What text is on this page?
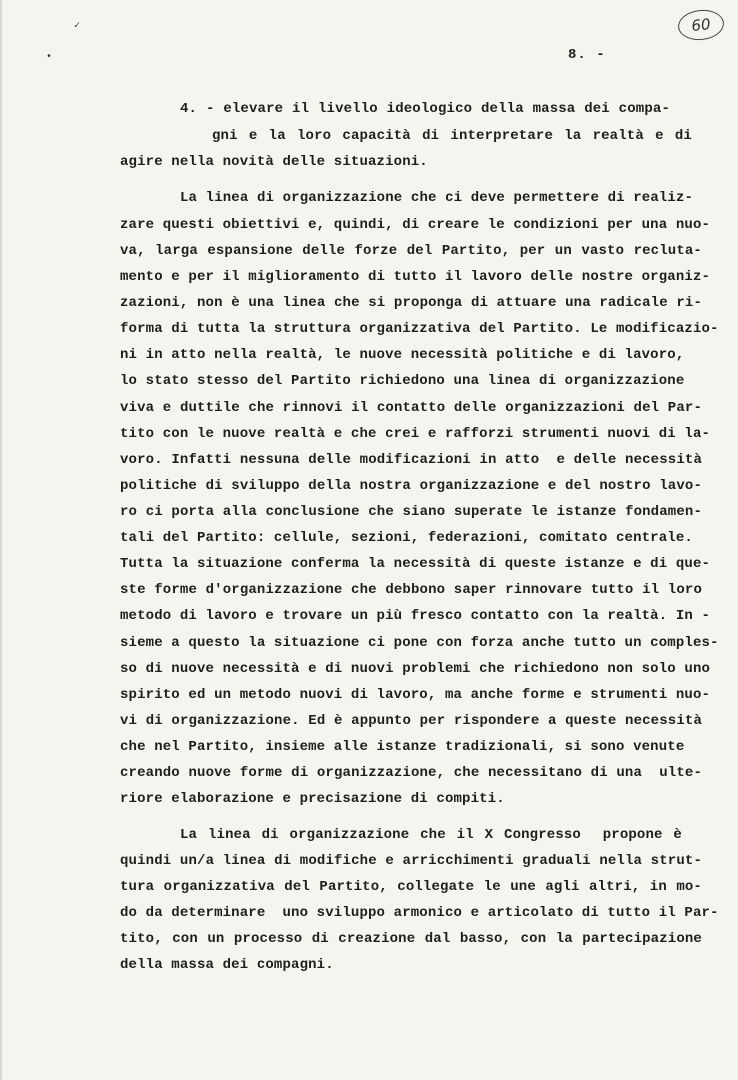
✓
•
60
8. -
4. - elevare il livello ideologico della massa dei compa-
gni e la loro capacità di interpretare la realtà e di
agire nella novità delle situazioni.
La linea di organizzazione che ci deve permettere di realiz-
zare questi obiettivi e, quindi, di creare le condizioni per una nuo-
va, larga espansione delle forze del Partito, per un vasto recluta-
mento e per il miglioramento di tutto il lavoro delle nostre organiz-
zazioni, non è una linea che si proponga di attuare una radicale ri-
forma di tutta la struttura organizzativa del Partito. Le modificazio-
ni in atto nella realtà, le nuove necessità politiche e di lavoro,
lo stato stesso del Partito richiedono una linea di organizzazione
viva e duttile che rinnovi il contatto delle organizzazioni del Par-
tito con le nuove realtà e che crei e rafforzi strumenti nuovi di la-
voro. Infatti nessuna delle modificazioni in atto  e delle necessità
politiche di sviluppo della nostra organizzazione e del nostro lavo-
ro ci porta alla conclusione che siano superate le istanze fondamen-
tali del Partito: cellule, sezioni, federazioni, comitato centrale.
Tutta la situazione conferma la necessità di queste istanze e di que-
ste forme d'organizzazione che debbono saper rinnovare tutto il loro
metodo di lavoro e trovare un più fresco contatto con la realtà. In -
sieme a questo la situazione ci pone con forza anche tutto un comples-
so di nuove necessità e di nuovi problemi che richiedono non solo uno
spirito ed un metodo nuovi di lavoro, ma anche forme e strumenti nuo-
vi di organizzazione. Ed è appunto per rispondere a queste necessità
che nel Partito, insieme alle istanze tradizionali, si sono venute
creando nuove forme di organizzazione, che necessitano di una  ulte-
riore elaborazione e precisazione di compiti.
La linea di organizzazione che il X Congresso  propone è
quindi un/a linea di modifiche e arricchimenti graduali nella strut-
tura organizzativa del Partito, collegate le une agli altri, in mo-
do da determinare  uno sviluppo armonico e articolato di tutto il Par-
tito, con un processo di creazione dal basso, con la partecipazione
della massa dei compagni.
